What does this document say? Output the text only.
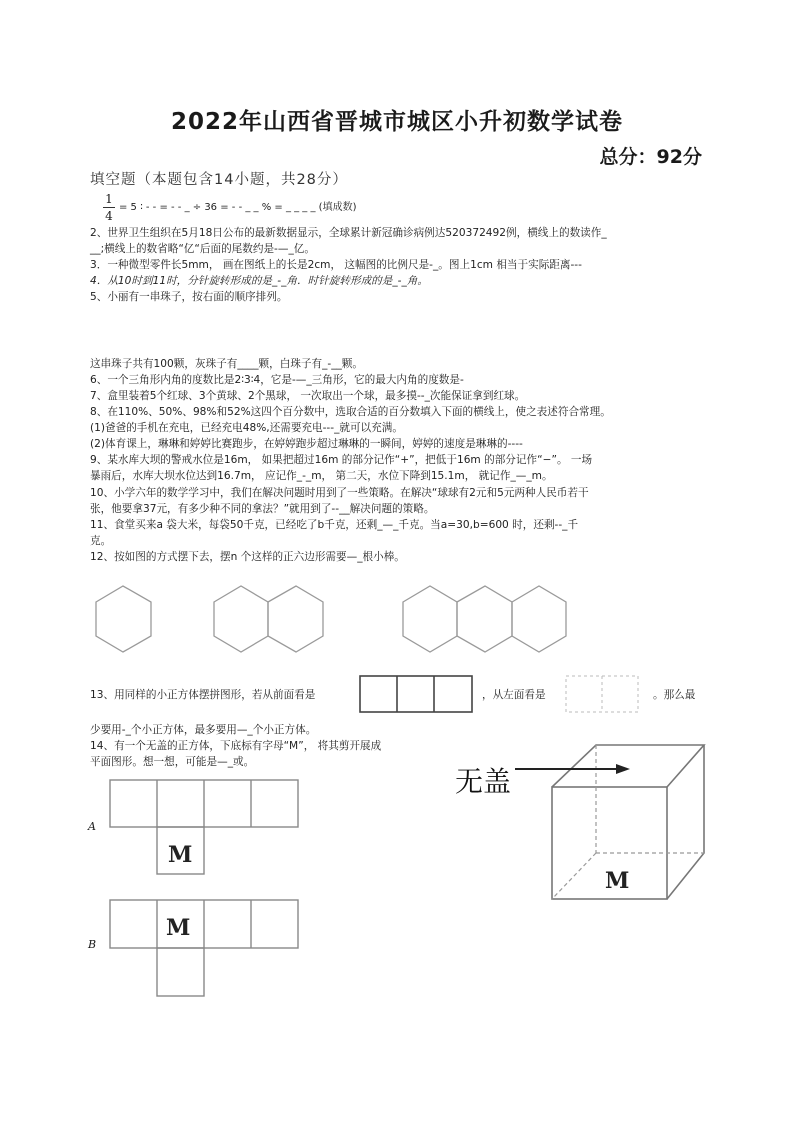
2022年山西省晋城市城区小升初数学试卷
总分：92分
填空题（本题包含14小题，共28分）
1
4
= 5 ∶ - - = - - _ ÷ 36 = - - _ _ % = _ _ _ _ (填成数)
2、世界卫生组织在5月18日公布的最新数据显示，全球累计新冠确诊病例达520372492例，横线上的数读作_
__;横线上的数省略“亿“后面的尾数约是-—_亿。
3．一种微型零件长5mm， 画在图纸上的长是2cm， 这幅图的比例尺是-_。图上1cm 相当于实际距离---
4．从10时到11时，分针旋转形成的是_-_角．时针旋转形成的是_-_角。
5、小丽有一串珠子，按右面的顺序排列。
这串珠子共有100颗，灰珠子有____颗，白珠子有_-__颗。
6、一个三角形内角的度数比是2∶3∶4，它是-—_三角形，它的最大内角的度数是-
7、盒里装着5个红球、3个黄球、2个黑球， 一次取出一个球，最多摸--_次能保证拿到红球。
8、在110%、50%、98%和52%这四个百分数中，选取合适的百分数填入下面的横线上，使之表述符合常理。
(1)爸爸的手机在充电，已经充电48%,还需要充电---_就可以充满。
(2)体育课上，琳琳和婷婷比赛跑步，在婷婷跑步超过琳琳的一瞬间，婷婷的速度是琳琳的----
9、某水库大坝的警戒水位是16m， 如果把超过16m 的部分记作“+”，把低于16m 的部分记作“−”。 一场
暴雨后，水库大坝水位达到16.7m， 应记作_-_m， 第二天，水位下降到15.1m， 就记作_—_m。
10、小学六年的数学学习中，我们在解决问题时用到了一些策略。在解决“球球有2元和5元两种人民币若干
张，他要拿37元，有多少种不同的拿法？”就用到了--__解决问题的策略。
11、食堂买来a 袋大米，每袋50千克，已经吃了b千克，还剩_—_千克。当a=30,b=600 时，还剩--_千
克。
12、按如图的方式摆下去，摆n 个这样的正六边形需要—_根小棒。
13、用同样的小正方体摆拼图形，若从前面看是	，从左面看是	。那么最
少要用-_个小正方体，最多要用—_个小正方体。
14、有一个无盖的正方体，下底标有字母“M”， 将其剪开展成
平面图形。想一想，可能是—_或。
无盖
A
B
M
M
M
